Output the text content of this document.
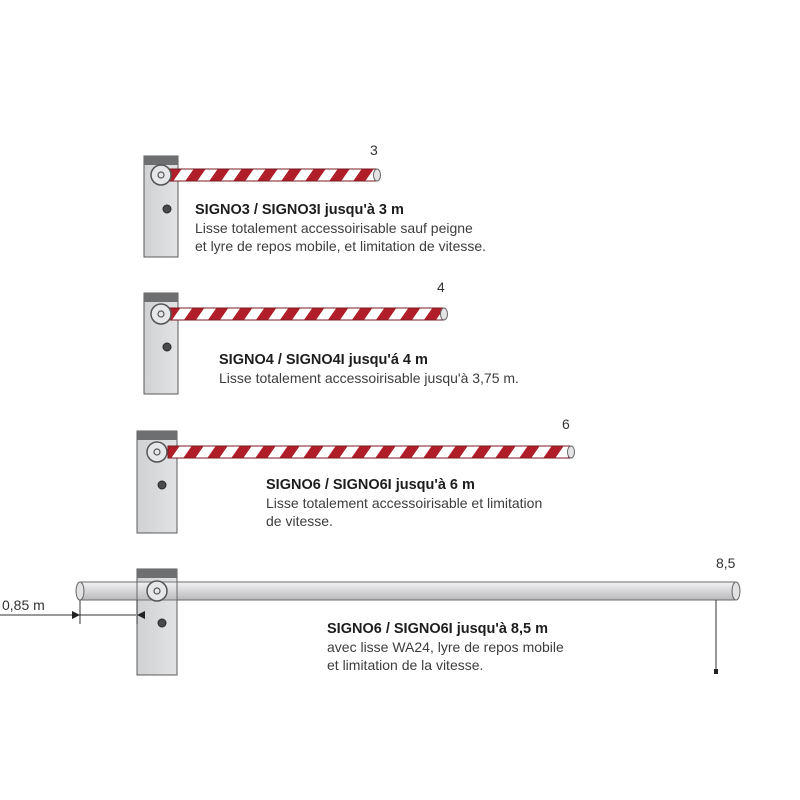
3
4
6
8,5
0,85 m
SIGNO3 / SIGNO3I jusqu'à 3 m
Lisse totalement accessoirisable sauf peigne
et lyre de repos mobile, et limitation de vitesse.
SIGNO4 / SIGNO4I jusqu'á 4 m
Lisse totalement accessoirisable jusqu'à 3,75 m.
SIGNO6 / SIGNO6I jusqu'à 6 m
Lisse totalement accessoirisable et limitation
de vitesse.
SIGNO6 / SIGNO6I jusqu'à 8,5 m
avec lisse WA24, lyre de repos mobile
et limitation de la vitesse.
